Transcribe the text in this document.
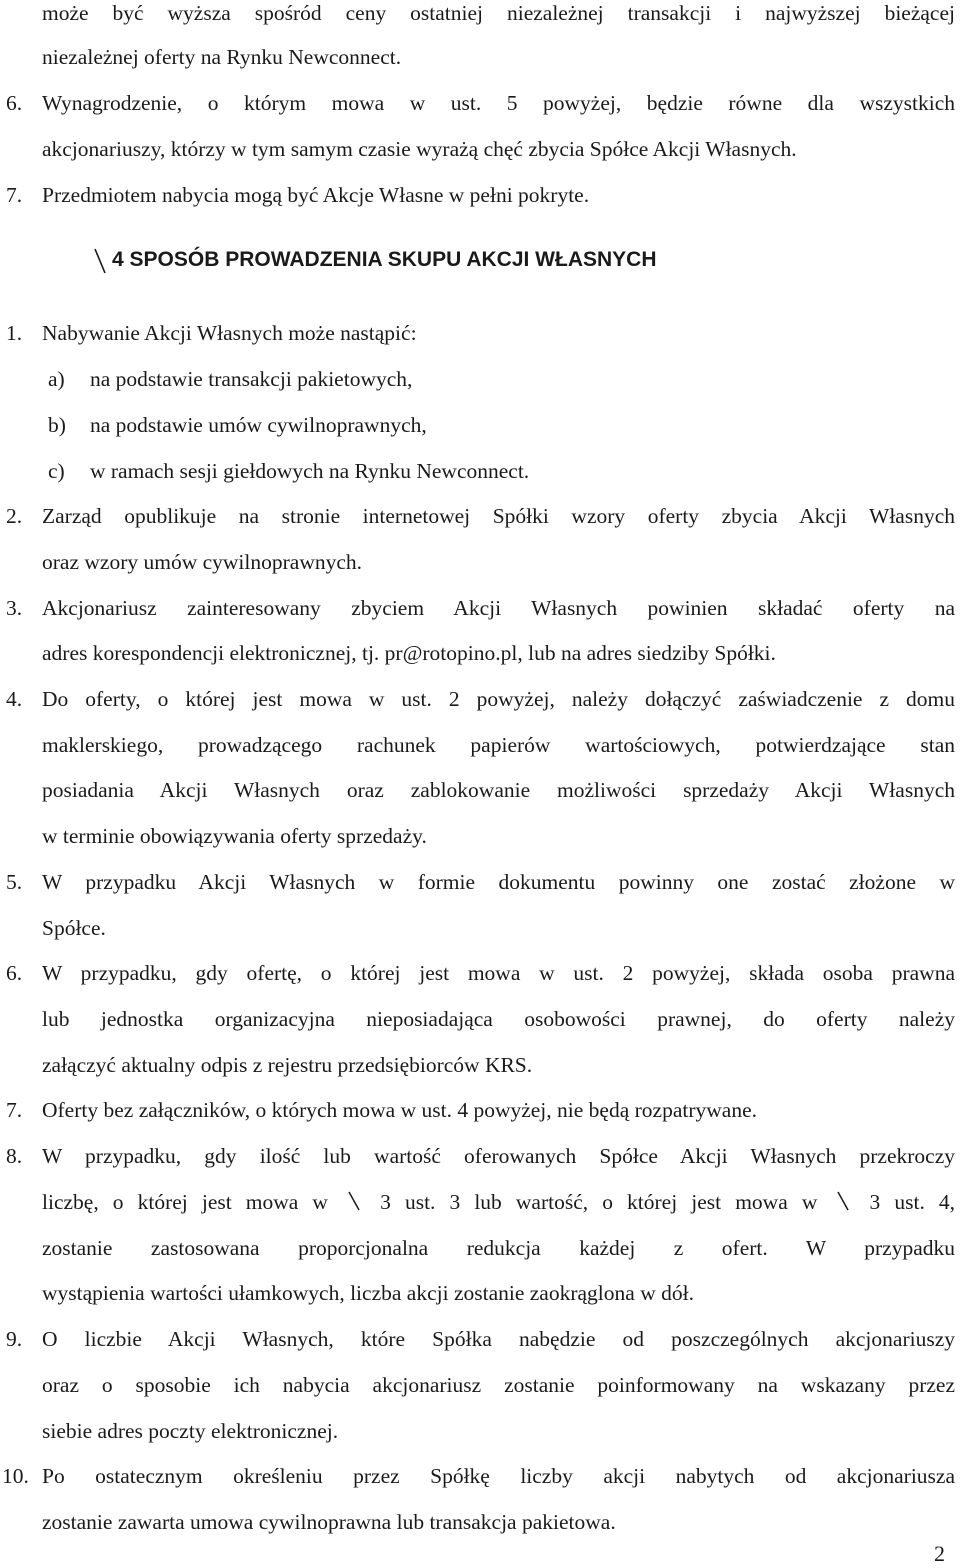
może być wyższa spośród ceny ostatniej niezależnej transakcji i najwyższej bieżącej
niezależnej oferty na Rynku Newconnect.
6. Wynagrodzenie, o którym mowa w ust. 5 powyżej, będzie równe dla wszystkich
akcjonariuszy, którzy w tym samym czasie wyrażą chęć zbycia Spółce Akcji Własnych.
7. Przedmiotem nabycia mogą być Akcje Własne w pełni pokryte.
4 SPOSÓB PROWADZENIA SKUPU AKCJI WŁASNYCH
1. Nabywanie Akcji Własnych może nastąpić:
a) na podstawie transakcji pakietowych,
b) na podstawie umów cywilnoprawnych,
c) w ramach sesji giełdowych na Rynku Newconnect.
2. Zarząd opublikuje na stronie internetowej Spółki wzory oferty zbycia Akcji Własnych
oraz wzory umów cywilnoprawnych.
3. Akcjonariusz zainteresowany zbyciem Akcji Własnych powinien składać oferty na
adres korespondencji elektronicznej, tj. pr@rotopino.pl, lub na adres siedziby Spółki.
4. Do oferty, o której jest mowa w ust. 2 powyżej, należy dołączyć zaświadczenie z domu
maklerskiego, prowadzącego rachunek papierów wartościowych, potwierdzające stan
posiadania Akcji Własnych oraz zablokowanie możliwości sprzedaży Akcji Własnych
w terminie obowiązywania oferty sprzedaży.
5. W przypadku Akcji Własnych w formie dokumentu powinny one zostać złożone w
Spółce.
6. W przypadku, gdy ofertę, o której jest mowa w ust. 2 powyżej, składa osoba prawna
lub jednostka organizacyjna nieposiadająca osobowości prawnej, do oferty należy
załączyć aktualny odpis z rejestru przedsiębiorców KRS.
7. Oferty bez załączników, o których mowa w ust. 4 powyżej, nie będą rozpatrywane.
8. W przypadku, gdy ilość lub wartość oferowanych Spółce Akcji Własnych przekroczy
liczbę, o której jest mowa w 3 ust. 3 lub wartość, o której jest mowa w 3 ust. 4,
zostanie zastosowana proporcjonalna redukcja każdej z ofert. W przypadku
wystąpienia wartości ułamkowych, liczba akcji zostanie zaokrąglona w dół.
9. O liczbie Akcji Własnych, które Spółka nabędzie od poszczególnych akcjonariuszy
oraz o sposobie ich nabycia akcjonariusz zostanie poinformowany na wskazany przez
siebie adres poczty elektronicznej.
10. Po ostatecznym określeniu przez Spółkę liczby akcji nabytych od akcjonariusza
zostanie zawarta umowa cywilnoprawna lub transakcja pakietowa.
2
